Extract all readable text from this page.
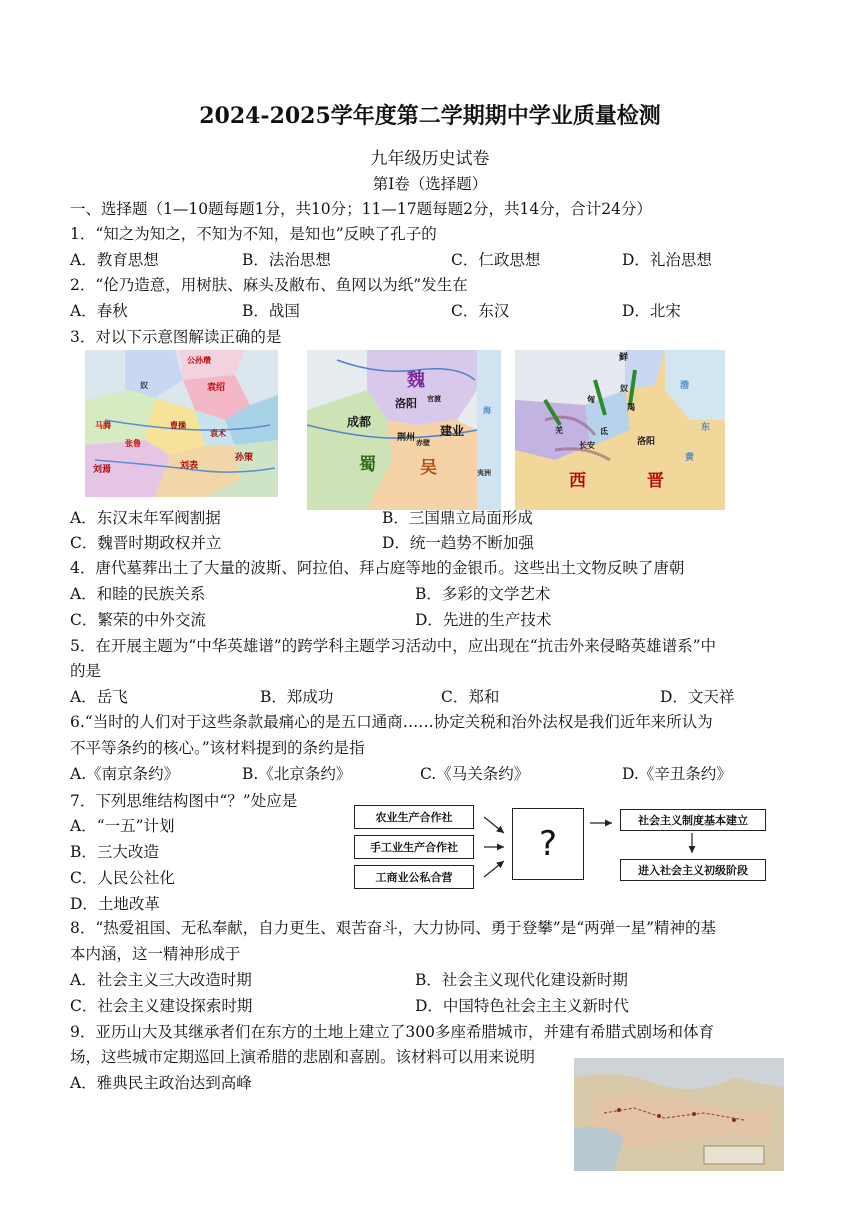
2024-2025学年度第二学期期中学业质量检测
九年级历史试卷
第Ⅰ卷（选择题）
一、选择题（1—10题每题1分，共10分；11—17题每题2分，共14分，合计24分）
1．“知之为知之，不知为不知，是知也”反映了孔子的
A．教育思想	B．法治思想	C．仁政思想	D．礼治思想
2．“伦乃造意，用树肤、麻头及敝布、鱼网以为纸”发生在
A．春秋	B．战国	C．东汉	D．北宋
3．对以下示意图解读正确的是
公孙瓒
袁绍
奴
曹操
袁术
马腾
张鲁
刘焉	刘表
孙策
魏
洛阳
成都
建业
蜀	吴
荆州 赤壁
官渡
夷洲
海
鲜
匈
奴
羯
羌	氐
洛阳
长安
西	晋
渤
东
黄
A．东汉末年军阀割据	B．三国鼎立局面形成
C．魏晋时期政权并立	D．统一趋势不断加强
4．唐代墓葬出土了大量的波斯、阿拉伯、拜占庭等地的金银币。这些出土文物反映了唐朝
A．和睦的民族关系	B．多彩的文学艺术
C．繁荣的中外交流	D．先进的生产技术
5．在开展主题为“中华英雄谱”的跨学科主题学习活动中，应出现在“抗击外来侵略英雄谱系”中
的是
A．岳飞	B．郑成功	C．郑和	D．文天祥
6.“当时的人们对于这些条款最痛心的是五口通商……协定关税和治外法权是我们近年来所认为
不平等条约的核心。”该材料提到的条约是指
A.《南京条约》	B.《北京条约》	C.《马关条约》	D.《辛丑条约》
7．下列思维结构图中“？”处应是
A．“一五”计划
B．三大改造
C．人民公社化
D．土地改革
农业生产合作社
手工业生产合作社
工商业公私合营
?
社会主义制度基本建立
进入社会主义初级阶段
8．“热爱祖国、无私奉献，自力更生、艰苦奋斗，大力协同、勇于登攀”是“两弹一星”精神的基
本内涵，这一精神形成于
A．社会主义三大改造时期	B．社会主义现代化建设新时期
C．社会主义建设探索时期	D．中国特色社会主主义新时代
9．亚历山大及其继承者们在东方的土地上建立了300多座希腊城市，并建有希腊式剧场和体育
场，这些城市定期巡回上演希腊的悲剧和喜剧。该材料可以用来说明
A．雅典民主政治达到高峰
